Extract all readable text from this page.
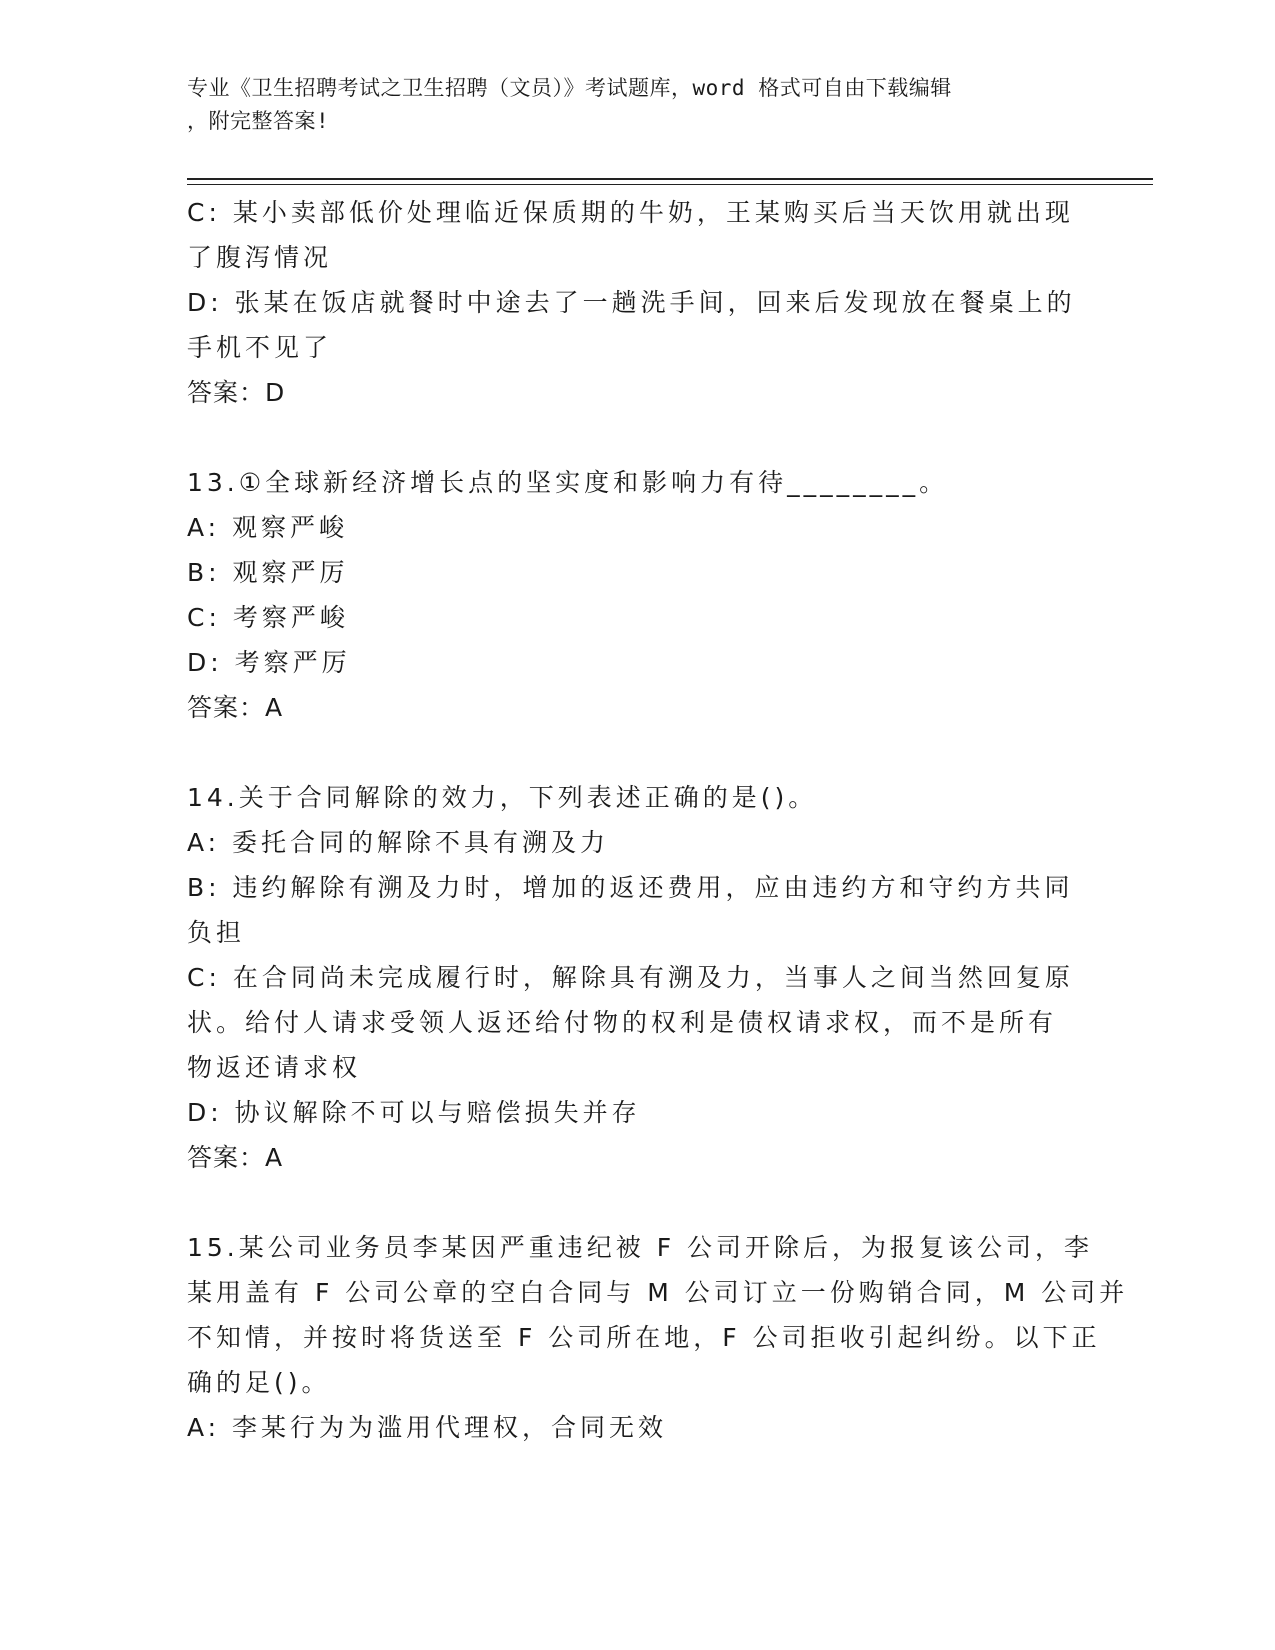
专业《卫生招聘考试之卫生招聘（文员）》考试题库，word 格式可自由下载编辑
，附完整答案!

C: 某小卖部低价处理临近保质期的牛奶，王某购买后当天饮用就出现

了腹泻情况

D: 张某在饭店就餐时中途去了一趟洗手间，回来后发现放在餐桌上的

手机不见了

答案：D

13.①全球新经济增长点的坚实度和影响力有待________。

A: 观察严峻

B: 观察严厉

C: 考察严峻

D: 考察严厉

答案：A

14.关于合同解除的效力，下列表述正确的是()。

A: 委托合同的解除不具有溯及力

B: 违约解除有溯及力时，增加的返还费用，应由违约方和守约方共同

负担

C: 在合同尚未完成履行时，解除具有溯及力，当事人之间当然回复原

状。给付人请求受领人返还给付物的权利是债权请求权，而不是所有

物返还请求权

D: 协议解除不可以与赔偿损失并存

答案：A

15.某公司业务员李某因严重违纪被 F 公司开除后，为报复该公司，李

某用盖有 F 公司公章的空白合同与 M 公司订立一份购销合同，M 公司并

不知情，并按时将货送至 F 公司所在地，F 公司拒收引起纠纷。以下正

确的足()。

A: 李某行为为滥用代理权，合同无效
